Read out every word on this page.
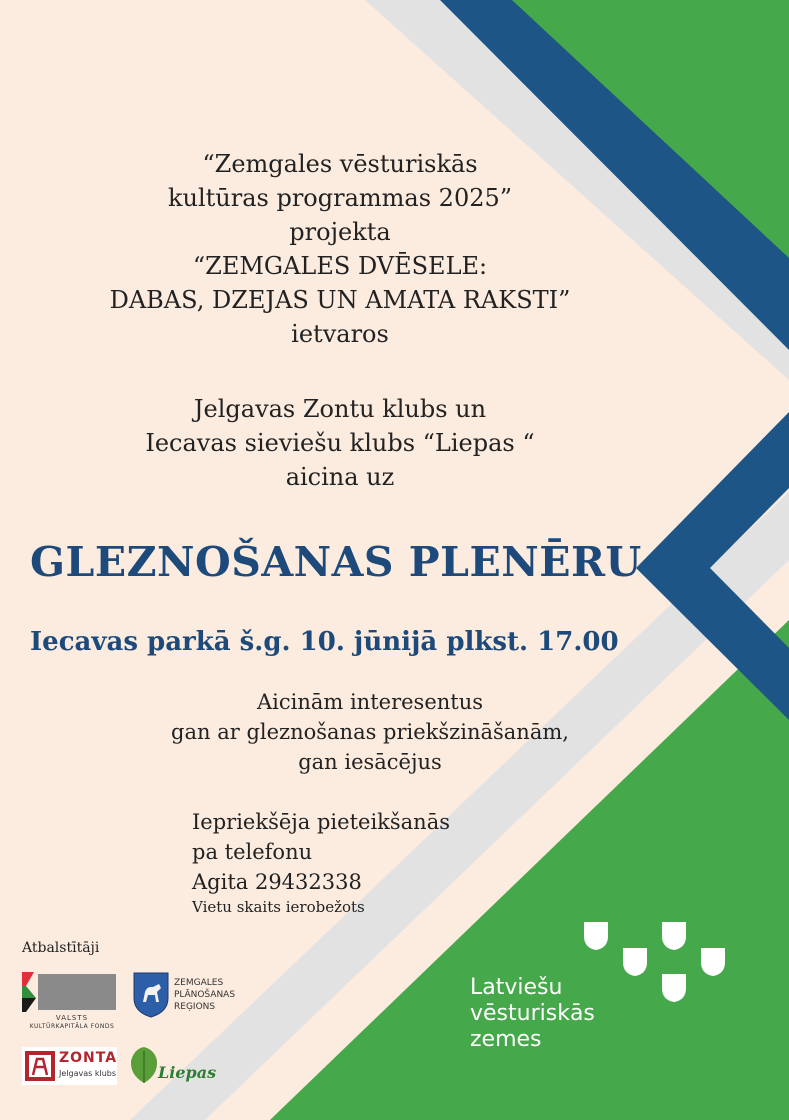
“Zemgales vēsturiskās
kultūras programmas 2025”
projekta
“ZEMGALES DVĒSELE:
DABAS, DZEJAS UN AMATA RAKSTI”
ietvaros
Jelgavas Zontu klubs un
Iecavas sieviešu klubs “Liepas “
aicina uz
GLEZNOŠANAS PLENĒRU
Iecavas parkā š.g. 10. jūnijā plkst. 17.00
Aicinām interesentus
gan ar gleznošanas priekšzināšanām,
gan iesācējus
Iepriekšēja pieteikšanās
pa telefonu
Agita 29432338
Vietu skaits ierobežots
Atbalstītāji
VALSTS
KULTŪRKAPITĀLA FONDS
ZEMGALES
PLĀNOŠANAS
REĢIONS
ZONTA
Jelgavas klubs	Liepas
Latviešu
vēsturiskās
zemes
